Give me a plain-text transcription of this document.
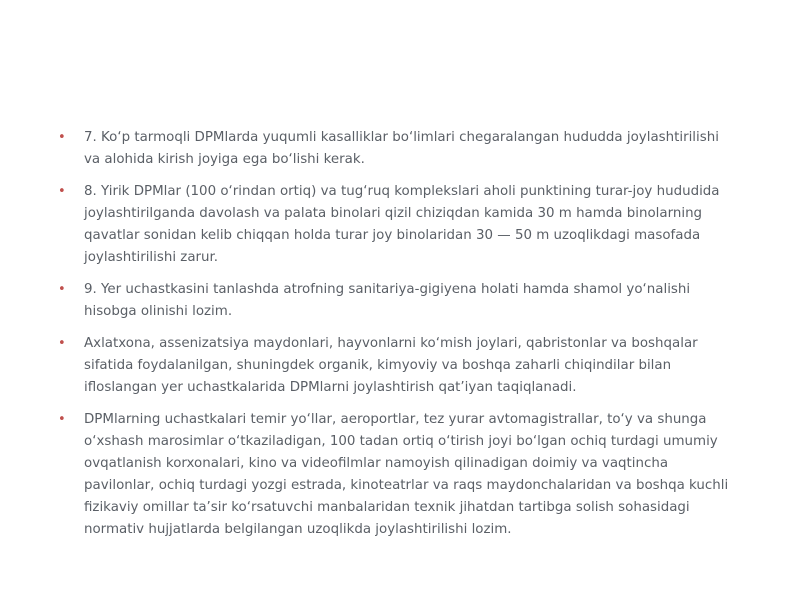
• 7. Ko‘p tarmoqli DPMlarda yuqumli kasalliklar bo‘limlari chegaralangan hududda joylashtirilishi va alohida kirish joyiga ega bo‘lishi kerak.
• 8. Yirik DPMlar (100 o‘rindan ortiq) va tug‘ruq komplekslari aholi punktining turar-joy hududida joylashtirilganda davolash va palata binolari qizil chiziqdan kamida 30 m hamda binolarning qavatlar sonidan kelib chiqqan holda turar joy binolaridan 30 — 50 m uzoqlikdagi masofada joylashtirilishi zarur.
• 9. Yer uchastkasini tanlashda atrofning sanitariya-gigiyena holati hamda shamol yo‘nalishi hisobga olinishi lozim.
• Axlatxona, assenizatsiya maydonlari, hayvonlarni ko‘mish joylari, qabristonlar va boshqalar sifatida foydalanilgan, shuningdek organik, kimyoviy va boshqa zaharli chiqindilar bilan ifloslangan yer uchastkalarida DPMlarni joylashtirish qat’iyan taqiqlanadi.
• DPMlarning uchastkalari temir yo‘llar, aeroportlar, tez yurar avtomagistrallar, to‘y va shunga o‘xshash marosimlar o‘tkaziladigan, 100 tadan ortiq o‘tirish joyi bo‘lgan ochiq turdagi umumiy ovqatlanish korxonalari, kino va videofilmlar namoyish qilinadigan doimiy va vaqtincha pavilonlar, ochiq turdagi yozgi estrada, kinoteatrlar va raqs maydonchalaridan va boshqa kuchli fizikaviy omillar ta’sir ko‘rsatuvchi manbalaridan texnik jihatdan tartibga solish sohasidagi normativ hujjatlarda belgilangan uzoqlikda joylashtirilishi lozim.
